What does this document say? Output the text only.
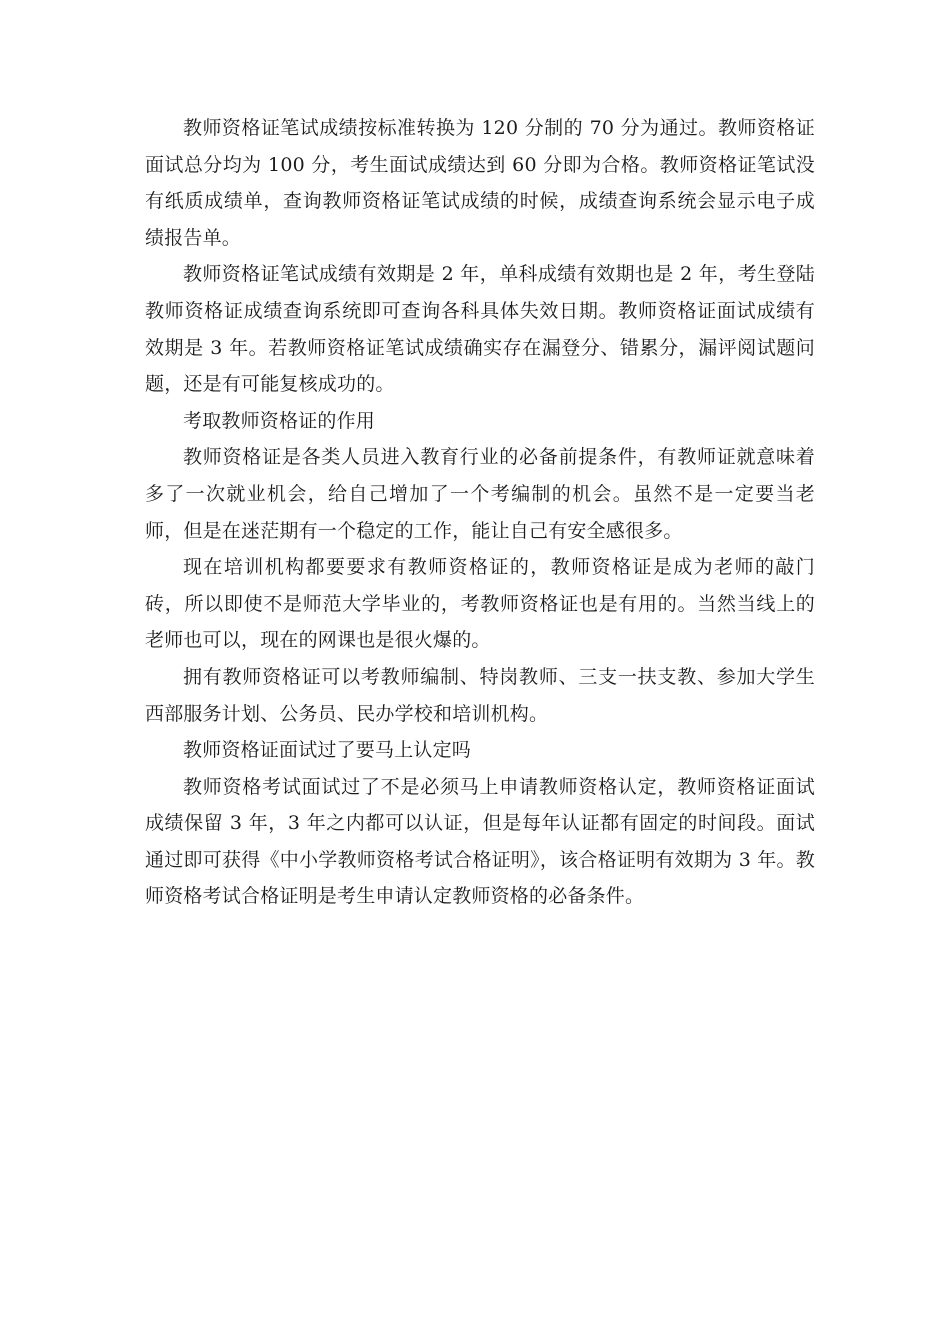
教师资格证笔试成绩按标准转换为 120 分制的 70 分为通过。教师资格证面试总分均为 100 分，考生面试成绩达到 60 分即为合格。教师资格证笔试没有纸质成绩单，查询教师资格证笔试成绩的时候，成绩查询系统会显示电子成绩报告单。

教师资格证笔试成绩有效期是 2 年，单科成绩有效期也是 2 年，考生登陆教师资格证成绩查询系统即可查询各科具体失效日期。教师资格证面试成绩有效期是 3 年。若教师资格证笔试成绩确实存在漏登分、错累分，漏评阅试题问题，还是有可能复核成功的。

考取教师资格证的作用

教师资格证是各类人员进入教育行业的必备前提条件，有教师证就意味着多了一次就业机会，给自己增加了一个考编制的机会。虽然不是一定要当老师，但是在迷茫期有一个稳定的工作，能让自己有安全感很多。

现在培训机构都要要求有教师资格证的，教师资格证是成为老师的敲门砖，所以即使不是师范大学毕业的，考教师资格证也是有用的。当然当线上的老师也可以，现在的网课也是很火爆的。

拥有教师资格证可以考教师编制、特岗教师、三支一扶支教、参加大学生西部服务计划、公务员、民办学校和培训机构。

教师资格证面试过了要马上认定吗

教师资格考试面试过了不是必须马上申请教师资格认定，教师资格证面试成绩保留 3 年，3 年之内都可以认证，但是每年认证都有固定的时间段。面试通过即可获得《中小学教师资格考试合格证明》，该合格证明有效期为 3 年。教师资格考试合格证明是考生申请认定教师资格的必备条件。
